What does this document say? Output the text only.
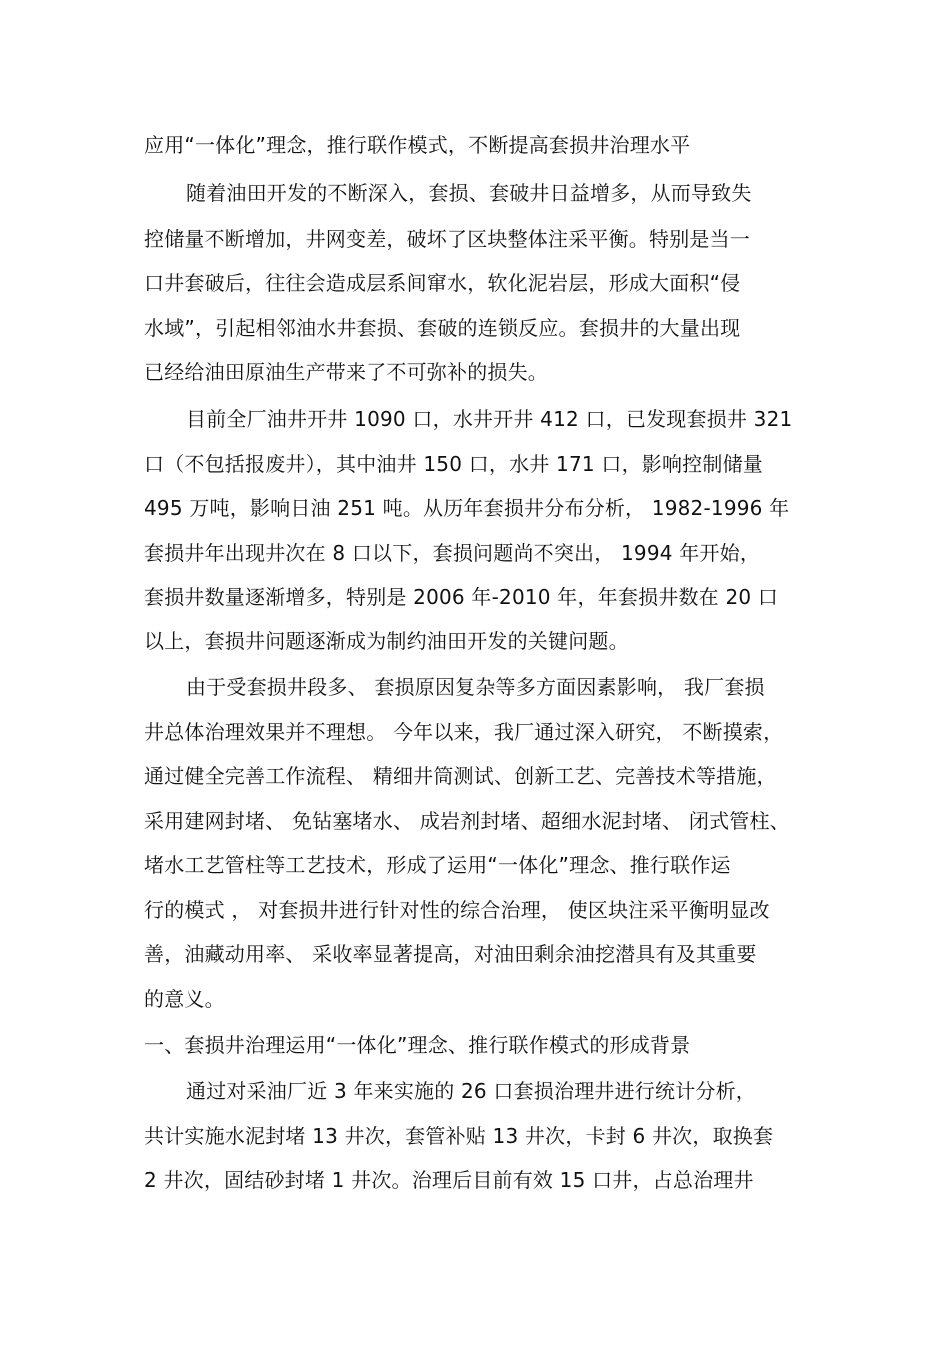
应用“一体化”理念，推行联作模式，不断提高套损井治理水平

随着油田开发的不断深入，套损、套破井日益增多，从而导致失

控储量不断增加，井网变差，破坏了区块整体注采平衡。特别是当一

口井套破后，往往会造成层系间窜水，软化泥岩层，形成大面积“侵

水域”，引起相邻油水井套损、套破的连锁反应。套损井的大量出现

已经给油田原油生产带来了不可弥补的损失。

目前全厂油井开井 1090 口，水井开井 412 口，已发现套损井 321

口（不包括报废井），其中油井 150 口，水井 171 口，影响控制储量

495 万吨，影响日油 251 吨。从历年套损井分布分析， 1982-1996 年

套损井年出现井次在 8 口以下，套损问题尚不突出， 1994 年开始，

套损井数量逐渐增多，特别是 2006 年-2010 年，年套损井数在 20 口

以上，套损井问题逐渐成为制约油田开发的关键问题。

由于受套损井段多、 套损原因复杂等多方面因素影响， 我厂套损

井总体治理效果并不理想。 今年以来，我厂通过深入研究， 不断摸索，

通过健全完善工作流程、 精细井筒测试、创新工艺、完善技术等措施，

采用建网封堵、 免钻塞堵水、 成岩剂封堵、超细水泥封堵、 闭式管柱、

堵水工艺管柱等工艺技术，形成了运用“一体化”理念、推行联作运

行的模式 ， 对套损井进行针对性的综合治理， 使区块注采平衡明显改

善，油藏动用率、 采收率显著提高，对油田剩余油挖潜具有及其重要

的意义。

一、套损井治理运用“一体化”理念、推行联作模式的形成背景

通过对采油厂近 3 年来实施的 26 口套损治理井进行统计分析，

共计实施水泥封堵 13 井次，套管补贴 13 井次，卡封 6 井次，取换套

2 井次，固结砂封堵 1 井次。治理后目前有效 15 口井，占总治理井
